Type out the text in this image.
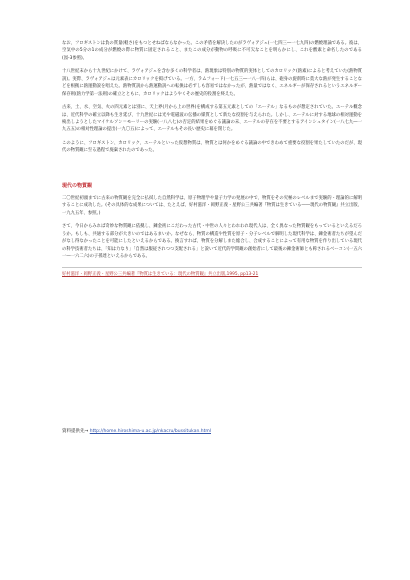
なお、フロギストンは負の質量(軽さ)をもつとせねばならなかった。この矛盾を解決したのがラヴォアジェ(一七四三―一七九四)の燃焼理論である。彼は、空気中の5分の1の成分が燃焼の際に物質に固定されること、またこの成分が動物の呼吸に不可欠なことを明らかにし、これを酸素と命名したのである(図-3参照)。

十八世紀末から十九世紀にかけて、ラヴォアジェを含む多くの科学者は、熱現象は特別の物質的実体としてのカロリック(熱素)によると考えていた(熱物質説)。実際、ラヴォアジェは元素表にカロリックを掲げている。一方、ラムフォード(一七五三―一八一四)らは、砲身の旋削時に莫大な熱が発生することなどを根拠に熱運動説を唱えた。熱物質説から熱運動説への転換は必ずしも容易ではなかったが、熱量ではなく、エネルギーが保存されるというエネルギー保存則(熱力学第一法則)の確立とともに、カロリックはようやくその歴史的役割を終えた。

古来、土、水、空気、火の四元素とは別に、天上界(月から上の世界)を構成する第五元素としての「エーテル」なるものが想定されていた。エーテル概念は、近代科学の確立以降も生き延び、十九世紀には光や電磁波の伝播の媒質として新たな役割を与えられた。しかし、エーテルに対する地球の相対運動を検出しようとしたマイケルソン＝モーリーの実験(一八八七)の否定的結果をめぐる議論の末、エーテルの存在を不要とするアインシュタイン(一八七九―一九五五)の相対性理論の提出(一九〇五)によって、エーテルもその長い歴史に幕を閉じた。

このように、フロギストン、カロリック、エーテルといった仮想物質は、物質とは何かをめぐる議論の中できわめて重要な役割を果たしていたのだが、現代の物質観に至る過程で廃棄されたのであった。

現代の物質観

二〇世紀初頭までに古来の物質観を完全に払拭した自然科学は、原子物理学や量子力学の発展の中で、物質をその究極のレベルまで実験的・理論的に解明することに成功した。(その具体的な成果については、たとえば、好村滋洋・岡野正義・星野公三共編著『物質は生きている――現代の物質観』共立出版、一九九五年、参照。)

さて、今日からみれば奇妙な物質観に依拠し、錬金術にこだわった古代・中世の人々とわれわれ現代人は、全く異なった物質観をもっているといえるだろうか。もしも、共通する部分が大きいのではあるまいか。なぜなら、物質の構造や性質を原子・分子レベルで解明した現代科学は、錬金術者たちが望んだがなし得なかったことを可能にしたといえるからである。換言すれば、物質を分解しまた総合し、合成することによって有用な物質を作り出している現代の科学技術者たちは、「知は力なり」「自然は服従されつつ支配される」と説いて近代的学問観の創始者にして最後の錬金術師とも称されるベーコン(一五六一―一六二六)の子孫達といえるからである。

好村滋洋・岡野正義・星野公三共編著『物質は生きている：現代の物質観』共立出版,1995, pp13-21
資料提供先→ http://home.hiroshima-u.ac.jp/nkacru/bussitukan.html
